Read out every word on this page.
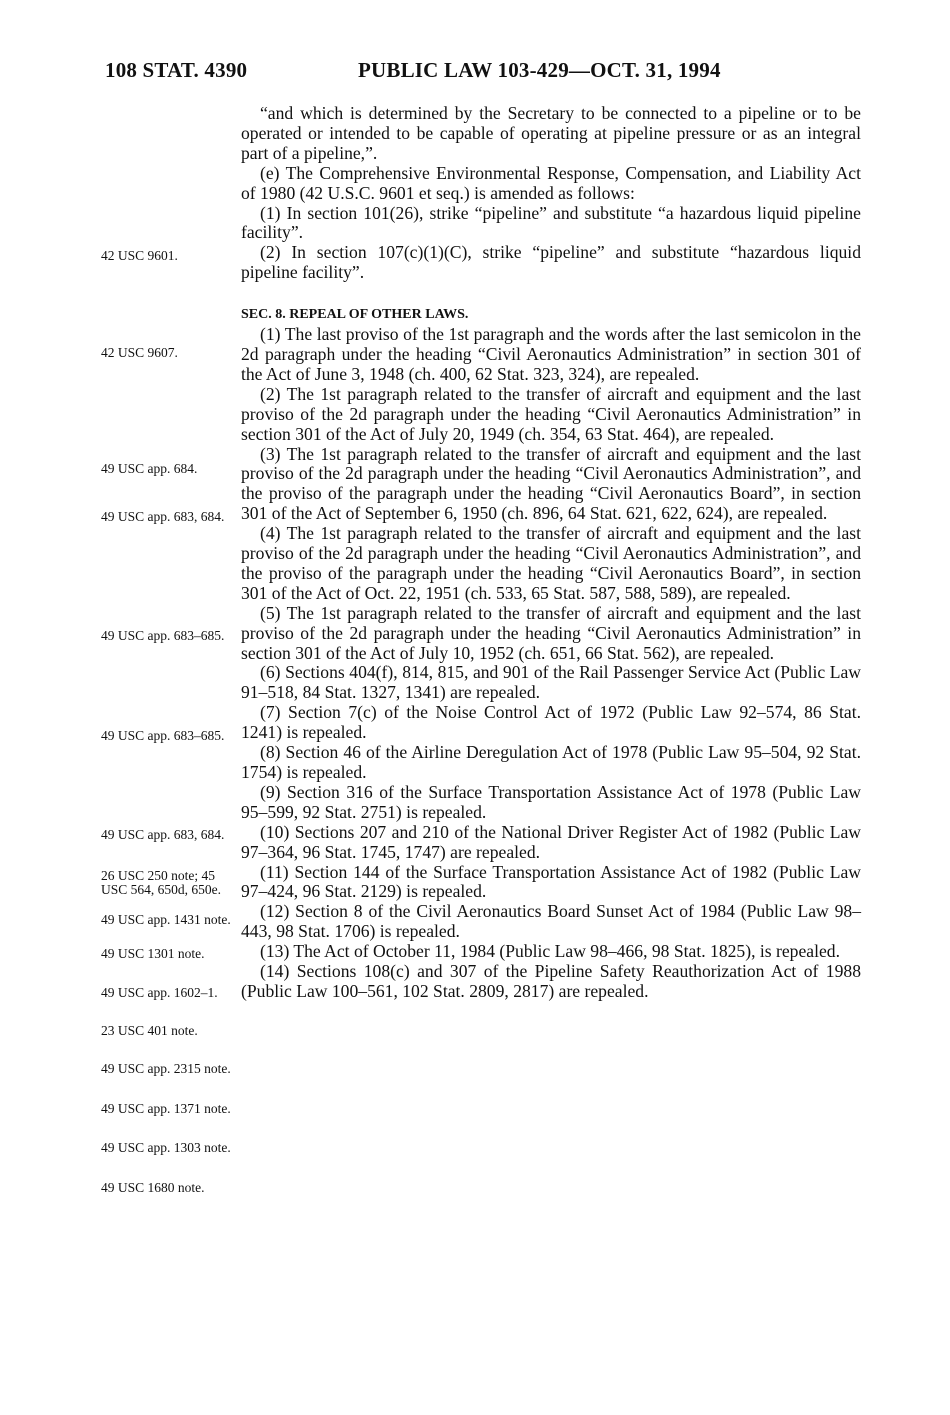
108 STAT. 4390	PUBLIC LAW 103-429—OCT. 31, 1994
“and which is determined by the Secretary to be connected to a pipeline or to be operated or intended to be capable of operating at pipeline pressure or as an integral part of a pipeline,”.
(e) The Comprehensive Environmental Response, Compensation, and Liability Act of 1980 (42 U.S.C. 9601 et seq.) is amended as follows:
(1) In section 101(26), strike “pipeline” and substitute “a hazardous liquid pipeline facility”.
(2) In section 107(c)(1)(C), strike “pipeline” and substitute “hazardous liquid pipeline facility”.
SEC. 8. REPEAL OF OTHER LAWS.
(1) The last proviso of the 1st paragraph and the words after the last semicolon in the 2d paragraph under the heading “Civil Aeronautics Administration” in section 301 of the Act of June 3, 1948 (ch. 400, 62 Stat. 323, 324), are repealed.
(2) The 1st paragraph related to the transfer of aircraft and equipment and the last proviso of the 2d paragraph under the heading “Civil Aeronautics Administration” in section 301 of the Act of July 20, 1949 (ch. 354, 63 Stat. 464), are repealed.
(3) The 1st paragraph related to the transfer of aircraft and equipment and the last proviso of the 2d paragraph under the heading “Civil Aeronautics Administration”, and the proviso of the paragraph under the heading “Civil Aeronautics Board”, in section 301 of the Act of September 6, 1950 (ch. 896, 64 Stat. 621, 622, 624), are repealed.
(4) The 1st paragraph related to the transfer of aircraft and equipment and the last proviso of the 2d paragraph under the heading “Civil Aeronautics Administration”, and the proviso of the paragraph under the heading “Civil Aeronautics Board”, in section 301 of the Act of Oct. 22, 1951 (ch. 533, 65 Stat. 587, 588, 589), are repealed.
(5) The 1st paragraph related to the transfer of aircraft and equipment and the last proviso of the 2d paragraph under the heading “Civil Aeronautics Administration” in section 301 of the Act of July 10, 1952 (ch. 651, 66 Stat. 562), are repealed.
(6) Sections 404(f), 814, 815, and 901 of the Rail Passenger Service Act (Public Law 91–518, 84 Stat. 1327, 1341) are repealed.
(7) Section 7(c) of the Noise Control Act of 1972 (Public Law 92–574, 86 Stat. 1241) is repealed.
(8) Section 46 of the Airline Deregulation Act of 1978 (Public Law 95–504, 92 Stat. 1754) is repealed.
(9) Section 316 of the Surface Transportation Assistance Act of 1978 (Public Law 95–599, 92 Stat. 2751) is repealed.
(10) Sections 207 and 210 of the National Driver Register Act of 1982 (Public Law 97–364, 96 Stat. 1745, 1747) are repealed.
(11) Section 144 of the Surface Transportation Assistance Act of 1982 (Public Law 97–424, 96 Stat. 2129) is repealed.
(12) Section 8 of the Civil Aeronautics Board Sunset Act of 1984 (Public Law 98–443, 98 Stat. 1706) is repealed.
(13) The Act of October 11, 1984 (Public Law 98–466, 98 Stat. 1825), is repealed.
(14) Sections 108(c) and 307 of the Pipeline Safety Reauthorization Act of 1988 (Public Law 100–561, 102 Stat. 2809, 2817) are repealed.
42 USC 9601.
42 USC 9607.
49 USC app. 684.
49 USC app. 683, 684.
49 USC app. 683–685.
49 USC app. 683–685.
49 USC app. 683, 684.
26 USC 250 note; 45 USC 564, 650d, 650e.
49 USC app. 1431 note.
49 USC 1301 note.
49 USC app. 1602–1.
23 USC 401 note.
49 USC app. 2315 note.
49 USC app. 1371 note.
49 USC app. 1303 note.
49 USC 1680 note.
